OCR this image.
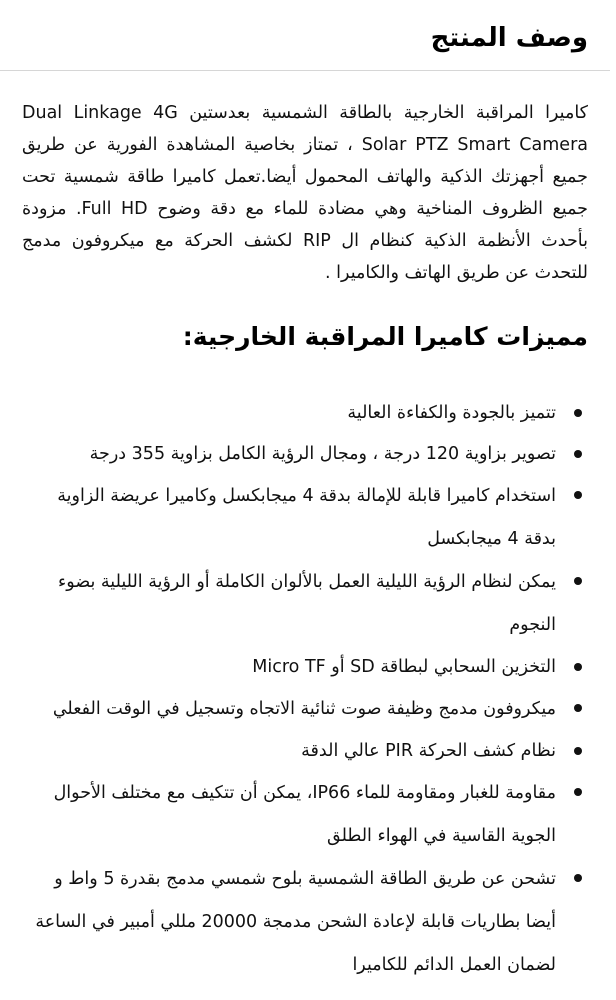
وصف المنتج

كاميرا المراقبة الخارجية بالطاقة الشمسية بعدستين Dual Linkage 4G Solar PTZ Smart Camera ، تمتاز بخاصية المشاهدة الفورية عن طريق جميع أجهزتك الذكية والهاتف المحمول أيضا.تعمل كاميرا طاقة شمسية تحت جميع الظروف المناخية وهي مضادة للماء مع دقة وضوح Full HD. مزودة بأحدث الأنظمة الذكية كنظام ال RIP لكشف الحركة مع ميكروفون مدمج للتحدث عن طريق الهاتف والكاميرا .

مميزات كاميرا المراقبة الخارجية:
تتميز بالجودة والكفاءة العالية
تصوير بزاوية 120 درجة ، ومجال الرؤية الكامل بزاوية 355 درجة
استخدام كاميرا قابلة للإمالة بدقة 4 ميجابكسل وكاميرا عريضة الزاوية بدقة 4 ميجابكسل
يمكن لنظام الرؤية الليلية العمل بالألوان الكاملة أو الرؤية الليلية بضوء النجوم
التخزين السحابي لبطاقة SD أو Micro TF
ميكروفون مدمج وظيفة صوت ثنائية الاتجاه وتسجيل في الوقت الفعلي
نظام كشف الحركة PIR عالي الدقة
مقاومة للغبار ومقاومة للماء IP66، يمكن أن تتكيف مع مختلف الأحوال الجوية القاسية في الهواء الطلق
تشحن عن طريق الطاقة الشمسية بلوح شمسي مدمج بقدرة 5 واط و أيضا بطاريات قابلة لإعادة الشحن مدمجة 20000 مللي أمبير في الساعة لضمان العمل الدائم للكاميرا
